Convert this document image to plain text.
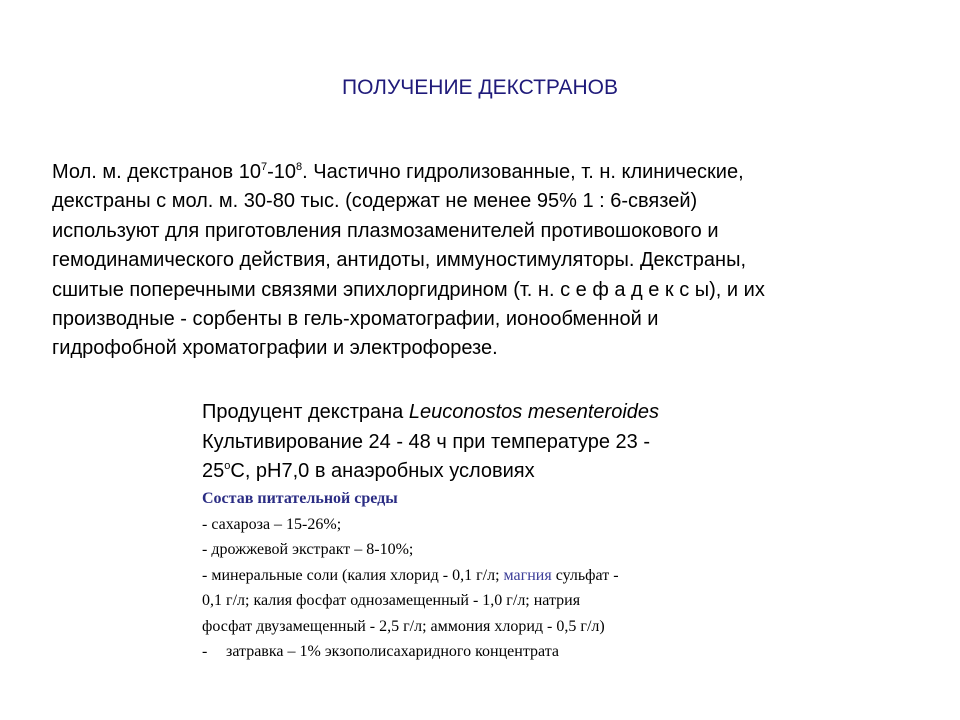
ПОЛУЧЕНИЕ ДЕКСТРАНОВ
Мол. м. декстранов $10^7-10^8$. Частично гидролизованные, т. н. клинические,
декстраны с мол. м. 30-80 тыс. (содержат не менее 95% 1 : 6-связей)
используют для приготовления плазмозаменителей противошокового и
гемодинамического действия, антидоты, иммуностимуляторы. Декстраны,
сшитые поперечными связями эпихлоргидрином (т. н. с е ф а д е к с ы), и их
производные - сорбенты в гель-хроматографии, ионообменной и
гидрофобной хроматографии и электрофорезе.
Продуцент декстрана Leuconostos mesenteroides
Культивирование 24 - 48 ч при температуре 23 -
$25^оС$, рН7,0 в анаэробных условиях
Состав питательной среды
- сахароза – 15-26%;
- дрожжевой экстракт – 8-10%;
- минеральные соли (калия хлорид - 0,1 г/л; магния сульфат -
0,1 г/л; калия фосфат однозамещенный - 1,0 г/л; натрия
фосфат двузамещенный - 2,5 г/л; аммония хлорид - 0,5 г/л)
- затравка – 1% экзополисахаридного концентрата
